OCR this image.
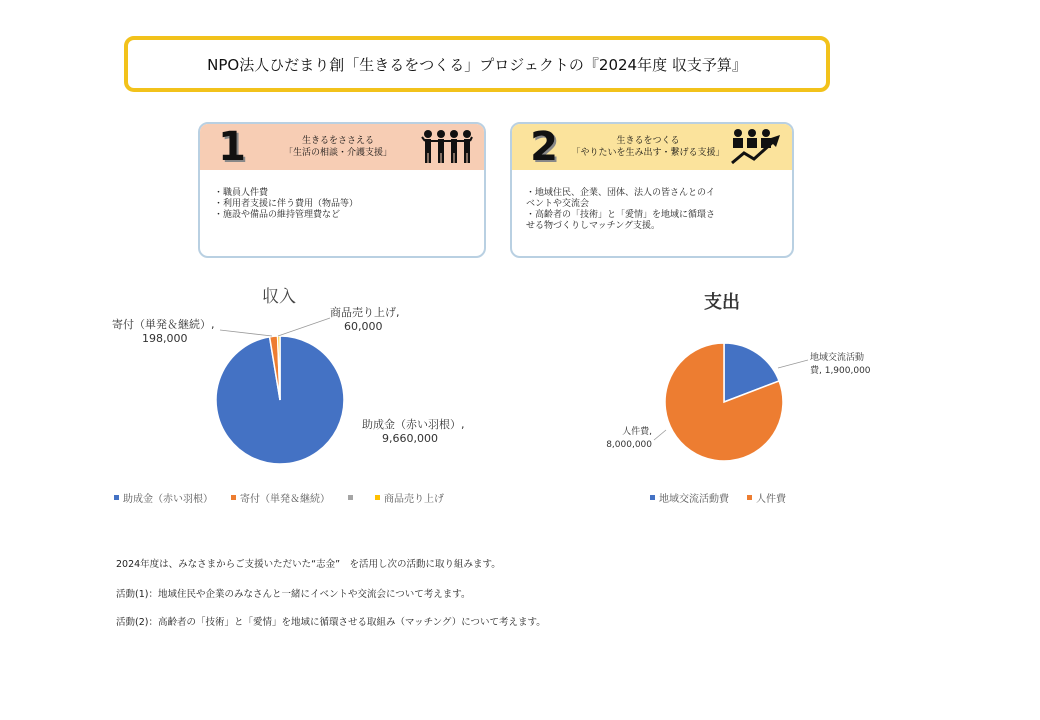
NPO法人ひだまり創「生きるをつくる」プロジェクトの『2024年度 収支予算』
1	生きるをささえる
「生活の相談・介護支援」
・職員人件費
・利用者支援に伴う費用（物品等）
・施設や備品の維持管理費など
2	生きるをつくる
「やりたいを生み出す・繋げる支援」
・地域住民、企業、団体、法人の皆さんとのイ
ベントや交流会
・高齢者の「技術」と「愛情」を地域に循環さ
せる物づくりしマッチング支援。
収入
寄付（単発＆継続）,
198,000
商品売り上げ,
60,000
助成金（赤い羽根）,
9,660,000
助成金（赤い羽根）	寄付（単発＆継続）	商品売り上げ
支出
地域交流活動
費, 1,900,000
人件費,
8,000,000
地域交流活動費	人件費
2024年度は、みなさまからご支援いただいた“志金”　を活用し次の活動に取り組みます。
活動(1)：地域住民や企業のみなさんと一緒にイベントや交流会について考えます。
活動(2)：高齢者の「技術」と「愛情」を地域に循環させる取組み（マッチング）について考えます。
